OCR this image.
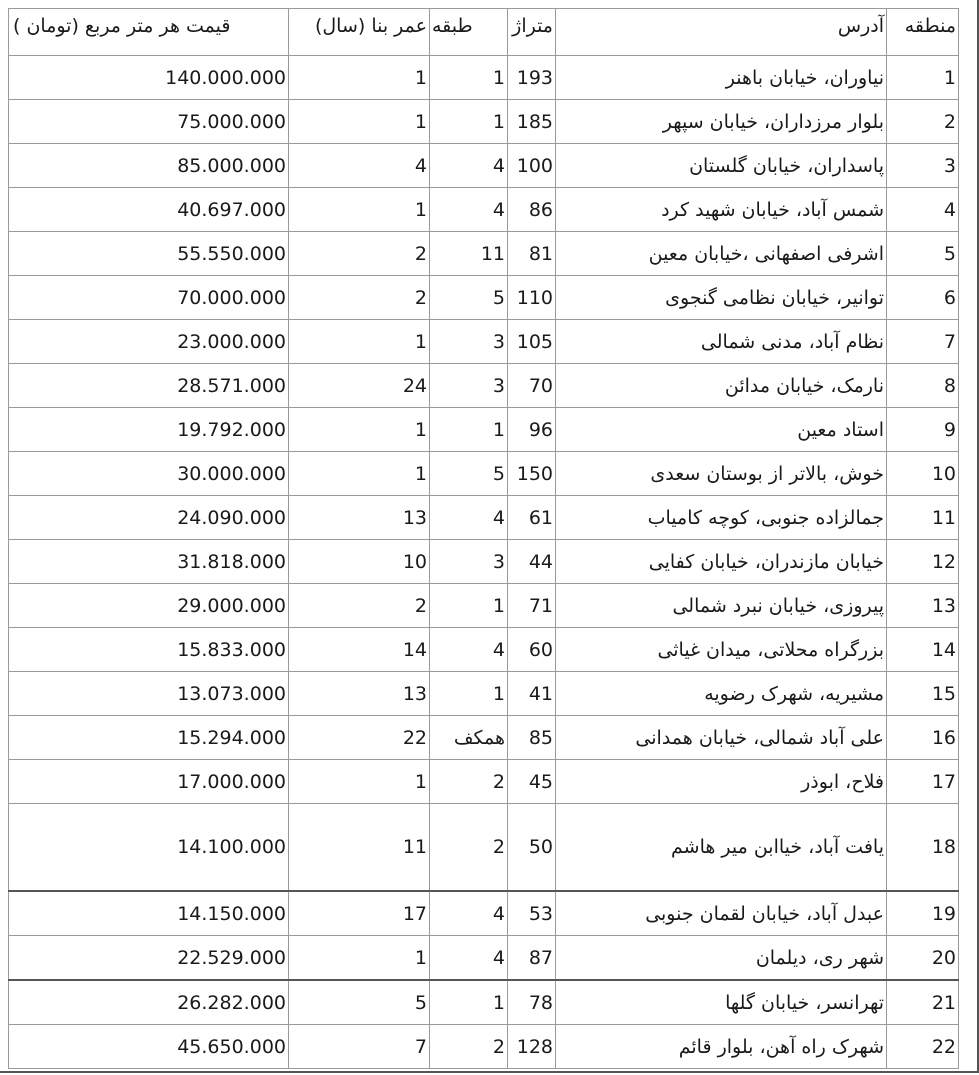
قیمت هر متر مربع (تومان )	عمر بنا (سال)	طبقه	متراژ	آدرس	منطقه
140.000.000	1	1	193	نیاوران، خیابان باهنر	1
75.000.000	1	1	185	بلوار مرزداران، خیابان سپهر	2
85.000.000	4	4	100	پاسداران، خیابان گلستان	3
40.697.000	1	4	86	شمس آباد، خیابان شهید کرد	4
55.550.000	2	11	81	اشرفی اصفهانی ،خیابان معین	5
70.000.000	2	5	110	توانیر، خیابان نظامی گنجوی	6
23.000.000	1	3	105	نظام آباد، مدنی شمالی	7
28.571.000	24	3	70	نارمک، خیابان مدائن	8
19.792.000	1	1	96	استاد معین	9
30.000.000	1	5	150	خوش، بالاتر از بوستان سعدی	10
24.090.000	13	4	61	جمالزاده جنوبی، کوچه کامیاب	11
31.818.000	10	3	44	خیابان مازندران، خیابان کفایی	12
29.000.000	2	1	71	پیروزی، خیابان نبرد شمالی	13
15.833.000	14	4	60	بزرگراه محلاتی، میدان غیاثی	14
13.073.000	13	1	41	مشیریه، شهرک رضویه	15
15.294.000	22	همکف	85	علی آباد شمالی، خیابان همدانی	16
17.000.000	1	2	45	فلاح، ابوذر	17
14.100.000	11	2	50	یافت آباد، خیاابن میر هاشم	18
14.150.000	17	4	53	عبدل آباد، خیابان لقمان جنوبی	19
22.529.000	1	4	87	شهر ری، دیلمان	20
26.282.000	5	1	78	تهرانسر، خیابان گلها	21
45.650.000	7	2	128	شهرک راه آهن، بلوار قائم	22
